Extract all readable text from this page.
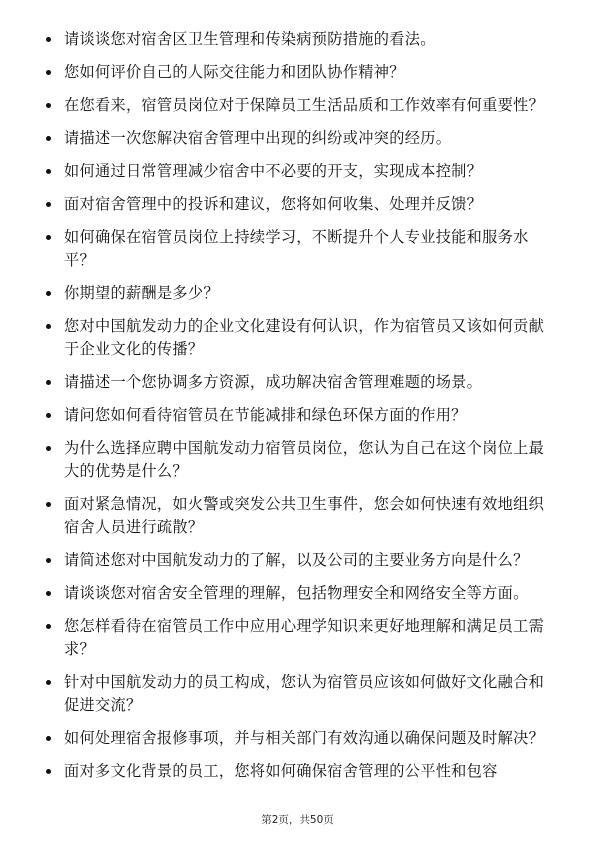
请谈谈您对宿舍区卫生管理和传染病预防措施的看法。
您如何评价自己的人际交往能力和团队协作精神？
在您看来，宿管员岗位对于保障员工生活品质和工作效率有何重要性？
请描述一次您解决宿舍管理中出现的纠纷或冲突的经历。
如何通过日常管理减少宿舍中不必要的开支，实现成本控制？
面对宿舍管理中的投诉和建议，您将如何收集、处理并反馈？
如何确保在宿管员岗位上持续学习，不断提升个人专业技能和服务水平？
你期望的薪酬是多少？
您对中国航发动力的企业文化建设有何认识，作为宿管员又该如何贡献于企业文化的传播？
请描述一个您协调多方资源，成功解决宿舍管理难题的场景。
请问您如何看待宿管员在节能减排和绿色环保方面的作用？
为什么选择应聘中国航发动力宿管员岗位，您认为自己在这个岗位上最大的优势是什么？
面对紧急情况，如火警或突发公共卫生事件，您会如何快速有效地组织宿舍人员进行疏散？
请简述您对中国航发动力的了解，以及公司的主要业务方向是什么？
请谈谈您对宿舍安全管理的理解，包括物理安全和网络安全等方面。
您怎样看待在宿管员工作中应用心理学知识来更好地理解和满足员工需求？
针对中国航发动力的员工构成，您认为宿管员应该如何做好文化融合和促进交流？
如何处理宿舍报修事项，并与相关部门有效沟通以确保问题及时解决？
面对多文化背景的员工，您将如何确保宿舍管理的公平性和包容
第2页，共50页
